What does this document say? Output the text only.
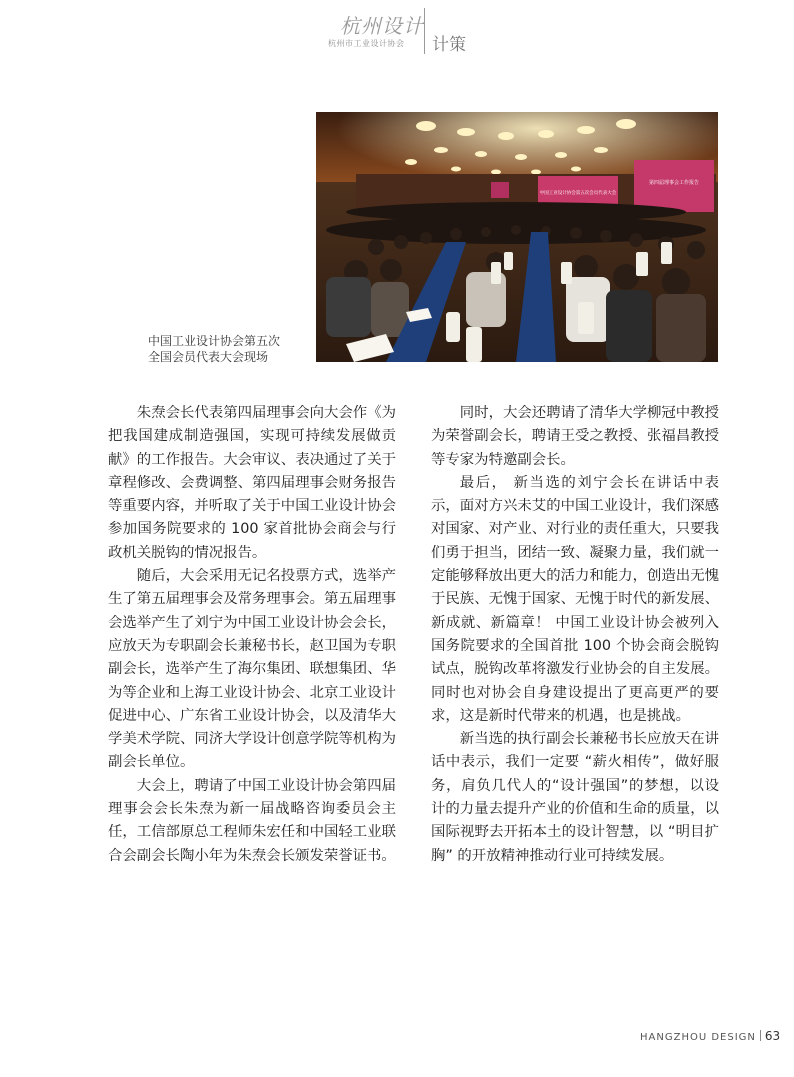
杭州设计
杭州市工业设计协会 计策
中国工业设计协会第五次会员代表大会
第四届理事会工作报告
中国工业设计协会第五次
全国会员代表大会现场

朱焘会长代表第四届理事会向大会作《为把我国建成制造强国，实现可持续发展做贡献》的工作报告。大会审议、表决通过了关于章程修改、会费调整、第四届理事会财务报告等重要内容，并听取了关于中国工业设计协会参加国务院要求的 100 家首批协会商会与行政机关脱钩的情况报告。

随后，大会采用无记名投票方式，选举产生了第五届理事会及常务理事会。第五届理事会选举产生了刘宁为中国工业设计协会会长，应放天为专职副会长兼秘书长，赵卫国为专职副会长，选举产生了海尔集团、联想集团、华为等企业和上海工业设计协会、北京工业设计促进中心、广东省工业设计协会，以及清华大学美术学院、同济大学设计创意学院等机构为副会长单位。

大会上，聘请了中国工业设计协会第四届理事会会长朱焘为新一届战略咨询委员会主任，工信部原总工程师朱宏任和中国轻工业联合会副会长陶小年为朱焘会长颁发荣誉证书。

同时，大会还聘请了清华大学柳冠中教授为荣誉副会长，聘请王受之教授、张福昌教授等专家为特邀副会长。

最后， 新当选的刘宁会长在讲话中表示，面对方兴未艾的中国工业设计，我们深感对国家、对产业、对行业的责任重大，只要我们勇于担当，团结一致、凝聚力量，我们就一定能够释放出更大的活力和能力，创造出无愧于民族、无愧于国家、无愧于时代的新发展、新成就、新篇章！ 中国工业设计协会被列入国务院要求的全国首批 100 个协会商会脱钩试点，脱钩改革将激发行业协会的自主发展。同时也对协会自身建设提出了更高更严的要求，这是新时代带来的机遇，也是挑战。

新当选的执行副会长兼秘书长应放天在讲话中表示，我们一定要 “薪火相传”，做好服务，肩负几代人的“设计强国”的梦想，以设计的力量去提升产业的价值和生命的质量，以国际视野去开拓本土的设计智慧，以 “明目扩胸” 的开放精神推动行业可持续发展。

HANGZHOU DESIGN 63
